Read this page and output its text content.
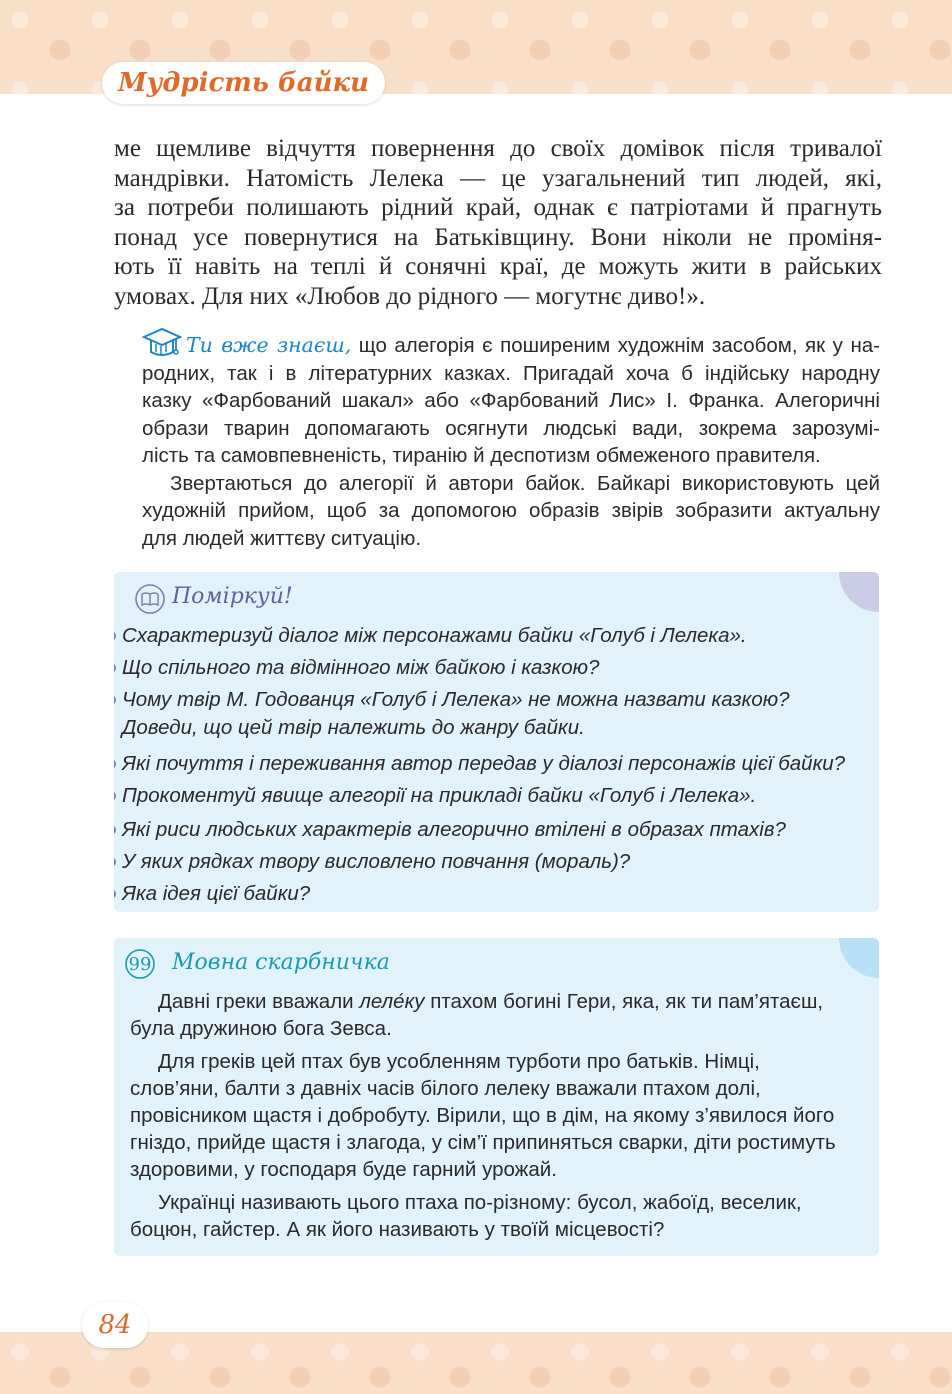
Мудрість байки
ме щемливе відчуття повернення до своїх домівок після тривалої
мандрівки. Натомість Лелека — це узагальнений тип людей, які,
за потреби полишають рідний край, однак є патріотами й прагнуть
понад усе повернутися на Батьківщину. Вони ніколи не проміня-
ють її навіть на теплі й сонячні краї, де можуть жити в райських
умовах. Для них «Любов до рідного — могутнє диво!».
Ти вже знаєш, що алегорія є поширеним художнім засобом, як у на-
родних, так і в літературних казках. Пригадай хоча б індійську народну
казку «Фарбований шакал» або «Фарбований Лис» І. Франка. Алегоричні
образи тварин допомагають осягнути людські вади, зокрема зарозумі-
лість та самовпевненість, тиранію й деспотизм обмеженого правителя.
Звертаються до алегорії й автори байок. Байкарі використовують цей
художній прийом, щоб за допомогою образів звірів зобразити актуальну
для людей життєву ситуацію.
Поміркуй!
Схарактеризуй діалог між персонажами байки «Голуб і Лелека».
Що спільного та відмінного між байкою і казкою?
Чому твір М. Годованця «Голуб і Лелека» не можна назвати казкою?
Доведи, що цей твір належить до жанру байки.
Які почуття і переживання автор передав у діалозі персонажів цієї байки?
Прокоментуй явище алегорії на прикладі байки «Голуб і Лелека».
Які риси людських характерів алегорично втілені в образах птахів?
У яких рядках твору висловлено повчання (мораль)?
Яка ідея цієї байки?
99 Мовна скарбничка

Давні греки вважали леле́ку птахом богині Гери, яка, як ти пам’ятаєш, була дружиною бога Зевса.

Для греків цей птах був усобленням турботи про батьків. Німці, слов’яни, балти з давніх часів білого лелеку вважали птахом долі, провісником щастя і добробуту. Вірили, що в дім, на якому з’явилося його гніздо, прийде щастя і злагода, у сім’ї припиняться сварки, діти ростимуть здоровими, у господаря буде гарний урожай.

Українці називають цього птаха по-різному: бусол, жабоїд, веселик, боцюн, гайстер. А як його називають у твоїй місцевості?

84
